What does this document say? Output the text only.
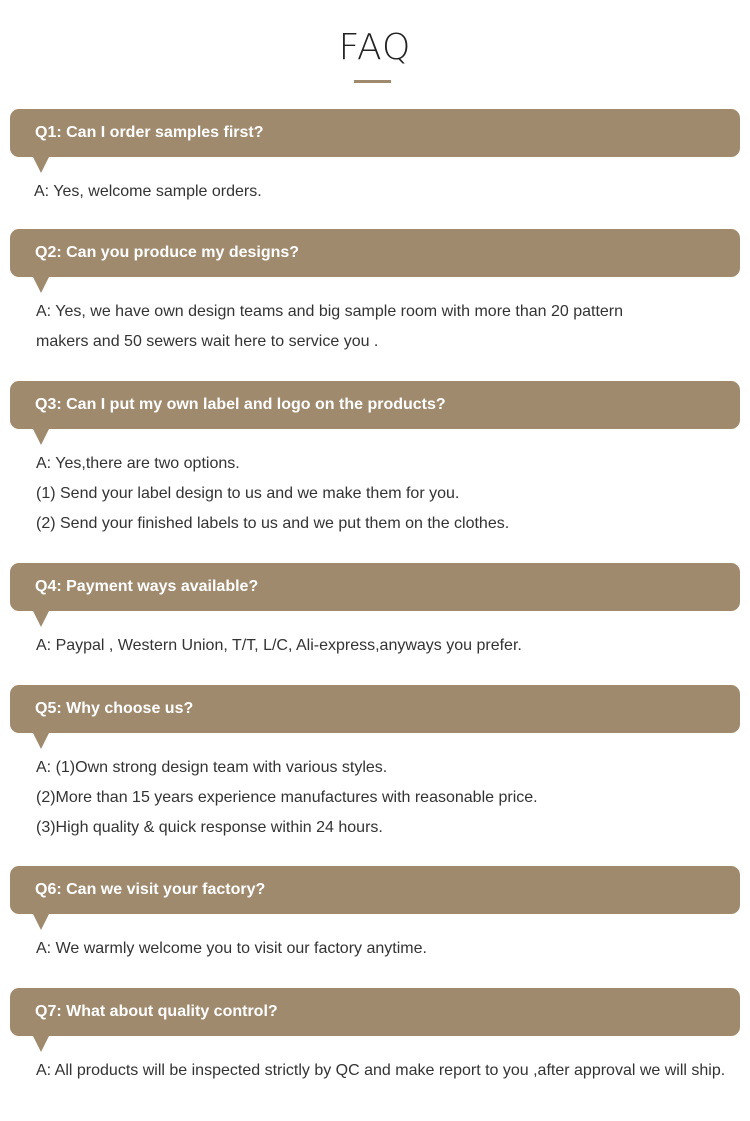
FAQ
Q1: Can I order samples first?
A: Yes, welcome sample orders.
Q2: Can you produce my designs?
A: Yes, we have own design teams and big sample room with more than 20 pattern
makers and 50 sewers wait here to service you .
Q3: Can I put my own label and logo on the products?
A: Yes,there are two options.
(1) Send your label design to us and we make them for you.
(2) Send your finished labels to us and we put them on the clothes.
Q4: Payment ways available?
A: Paypal , Western Union, T/T, L/C, Ali-express,anyways you prefer.
Q5: Why choose us?
A: (1)Own strong design team with various styles.
(2)More than 15 years experience manufactures with reasonable price.
(3)High quality & quick response within 24 hours.
Q6: Can we visit your factory?
A: We warmly welcome you to visit our factory anytime.
Q7: What about quality control?
A: All products will be inspected strictly by QC and make report to you ,after approval we will ship.
